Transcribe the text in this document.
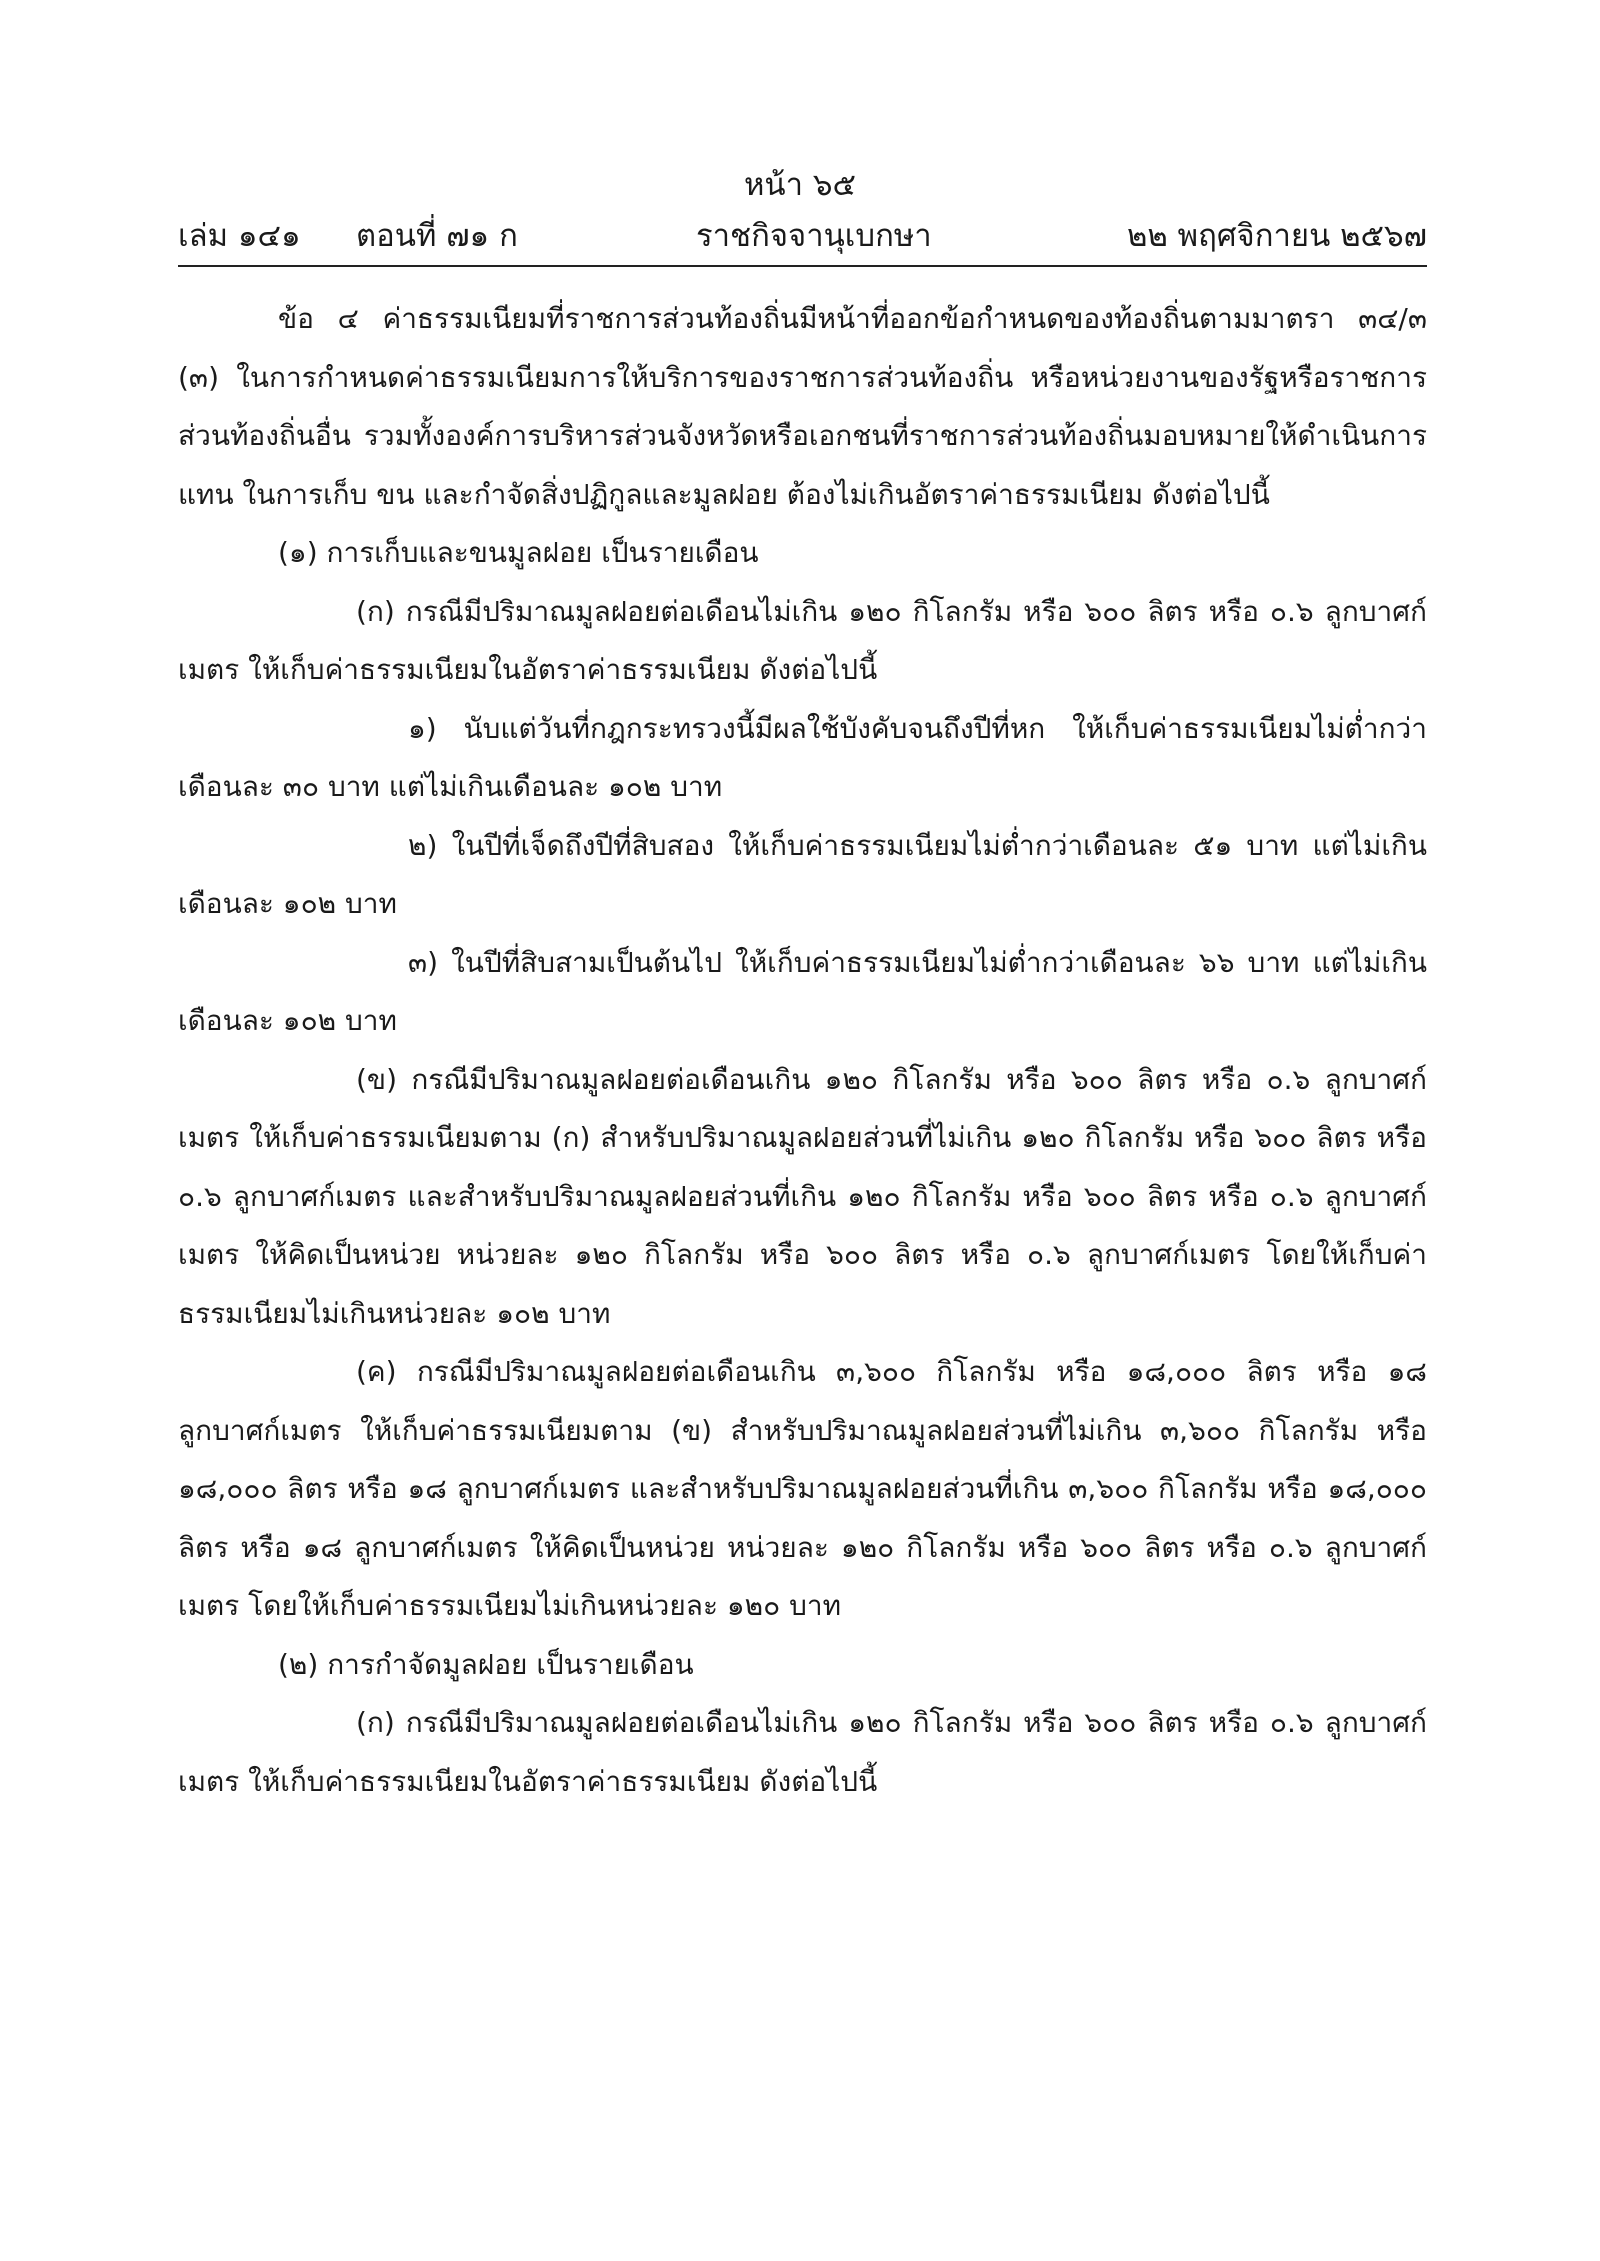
หน้า ๖๕
เล่ม ๑๔๑ ตอนที่ ๗๑ ก	ราชกิจจานุเบกษา	๒๒ พฤศจิกายน ๒๕๖๗

ข้อ ๔ ค่าธรรมเนียมที่ราชการส่วนท้องถิ่นมีหน้าที่ออกข้อกำหนดของท้องถิ่นตามมาตรา ๓๔/๓ (๓) ในการกำหนดค่าธรรมเนียมการให้บริการของราชการส่วนท้องถิ่น หรือหน่วยงานของรัฐหรือราชการส่วนท้องถิ่นอื่น รวมทั้งองค์การบริหารส่วนจังหวัดหรือเอกชนที่ราชการส่วนท้องถิ่นมอบหมายให้ดำเนินการแทน ในการเก็บ ขน และกำจัดสิ่งปฏิกูลและมูลฝอย ต้องไม่เกินอัตราค่าธรรมเนียม ดังต่อไปนี้

(๑) การเก็บและขนมูลฝอย เป็นรายเดือน

(ก) กรณีมีปริมาณมูลฝอยต่อเดือนไม่เกิน ๑๒๐ กิโลกรัม หรือ ๖๐๐ ลิตร หรือ ๐.๖ ลูกบาศก์เมตร ให้เก็บค่าธรรมเนียมในอัตราค่าธรรมเนียม ดังต่อไปนี้

๑) นับแต่วันที่กฎกระทรวงนี้มีผลใช้บังคับจนถึงปีที่หก ให้เก็บค่าธรรมเนียมไม่ต่ำกว่าเดือนละ ๓๐ บาท แต่ไม่เกินเดือนละ ๑๐๒ บาท

๒) ในปีที่เจ็ดถึงปีที่สิบสอง ให้เก็บค่าธรรมเนียมไม่ต่ำกว่าเดือนละ ๕๑ บาท แต่ไม่เกินเดือนละ ๑๐๒ บาท

๓) ในปีที่สิบสามเป็นต้นไป ให้เก็บค่าธรรมเนียมไม่ต่ำกว่าเดือนละ ๖๖ บาท แต่ไม่เกินเดือนละ ๑๐๒ บาท

(ข) กรณีมีปริมาณมูลฝอยต่อเดือนเกิน ๑๒๐ กิโลกรัม หรือ ๖๐๐ ลิตร หรือ ๐.๖ ลูกบาศก์เมตร ให้เก็บค่าธรรมเนียมตาม (ก) สำหรับปริมาณมูลฝอยส่วนที่ไม่เกิน ๑๒๐ กิโลกรัม หรือ ๖๐๐ ลิตร หรือ ๐.๖ ลูกบาศก์เมตร และสำหรับปริมาณมูลฝอยส่วนที่เกิน ๑๒๐ กิโลกรัม หรือ ๖๐๐ ลิตร หรือ ๐.๖ ลูกบาศก์เมตร ให้คิดเป็นหน่วย หน่วยละ ๑๒๐ กิโลกรัม หรือ ๖๐๐ ลิตร หรือ ๐.๖ ลูกบาศก์เมตร โดยให้เก็บค่าธรรมเนียมไม่เกินหน่วยละ ๑๐๒ บาท

(ค) กรณีมีปริมาณมูลฝอยต่อเดือนเกิน ๓,๖๐๐ กิโลกรัม หรือ ๑๘,๐๐๐ ลิตร หรือ ๑๘ ลูกบาศก์เมตร ให้เก็บค่าธรรมเนียมตาม (ข) สำหรับปริมาณมูลฝอยส่วนที่ไม่เกิน ๓,๖๐๐ กิโลกรัม หรือ ๑๘,๐๐๐ ลิตร หรือ ๑๘ ลูกบาศก์เมตร และสำหรับปริมาณมูลฝอยส่วนที่เกิน ๓,๖๐๐ กิโลกรัม หรือ ๑๘,๐๐๐ ลิตร หรือ ๑๘ ลูกบาศก์เมตร ให้คิดเป็นหน่วย หน่วยละ ๑๒๐ กิโลกรัม หรือ ๖๐๐ ลิตร หรือ ๐.๖ ลูกบาศก์เมตร โดยให้เก็บค่าธรรมเนียมไม่เกินหน่วยละ ๑๒๐ บาท

(๒) การกำจัดมูลฝอย เป็นรายเดือน

(ก) กรณีมีปริมาณมูลฝอยต่อเดือนไม่เกิน ๑๒๐ กิโลกรัม หรือ ๖๐๐ ลิตร หรือ ๐.๖ ลูกบาศก์เมตร ให้เก็บค่าธรรมเนียมในอัตราค่าธรรมเนียม ดังต่อไปนี้
